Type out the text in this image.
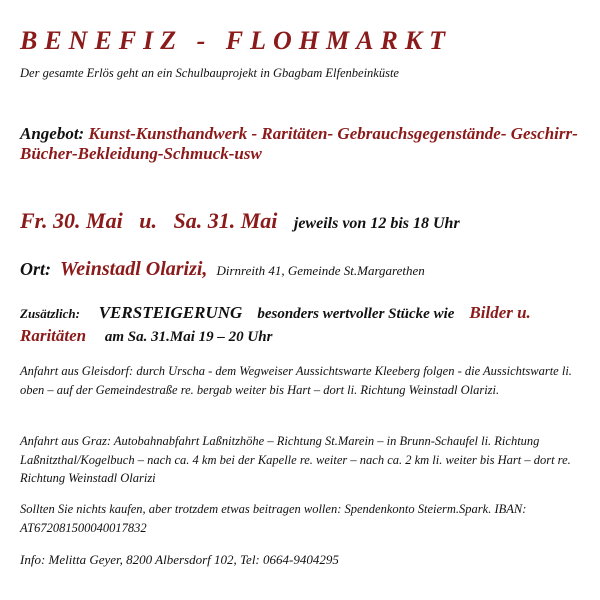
BENEFIZ - FLOHMARKT
Der gesamte Erlös geht an ein Schulbauprojekt in Gbagbam Elfenbeinküste
Angebot: Kunst-Kunsthandwerk - Raritäten- Gebrauchsgegenstände- Geschirr-Bücher-Bekleidung-Schmuck-usw
Fr. 30. Mai u. Sa. 31. Mai jeweils von 12 bis 18 Uhr
Ort: Weinstadl Olarizi, Dirnreith 41, Gemeinde St.Margarethen
Zusätzlich: VERSTEIGERUNG besonders wertvoller Stücke wie Bilder u. Raritäten am Sa. 31.Mai 19 – 20 Uhr
Anfahrt aus Gleisdorf: durch Urscha - dem Wegweiser Aussichtswarte Kleeberg folgen - die Aussichtswarte li. oben – auf der Gemeindestraße re. bergab weiter bis Hart – dort li. Richtung Weinstadl Olarizi.
Anfahrt aus Graz: Autobahnabfahrt Laßnitzhöhe – Richtung St.Marein – in Brunn-Schaufel li. Richtung Laßnitzthal/Kogelbuch – nach ca. 4 km bei der Kapelle re. weiter – nach ca. 2 km li. weiter bis Hart – dort re. Richtung Weinstadl Olarizi
Sollten Sie nichts kaufen, aber trotzdem etwas beitragen wollen: Spendenkonto Steierm.Spark. IBAN: AT672081500040017832
Info: Melitta Geyer, 8200 Albersdorf 102, Tel: 0664-9404295
